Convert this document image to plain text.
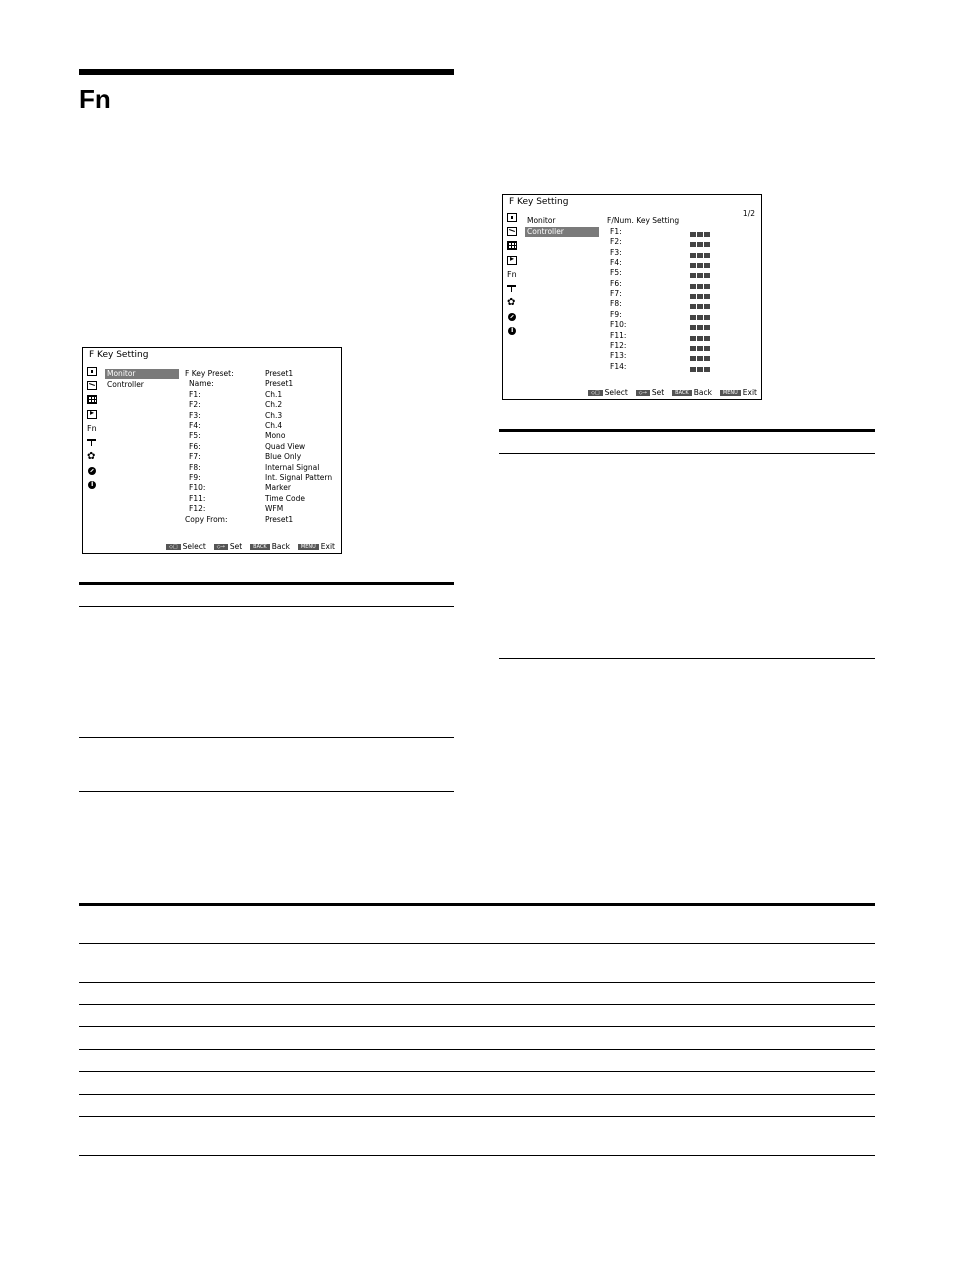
Fn
F Key Setting
▸
Fn
✿
i
Monitor
Controller
F Key Preset:	Preset1
Name:	Preset1
F1:	Ch.1
F2:	Ch.2
F3:	Ch.3
F4:	Ch.4
F5:	Mono
F6:	Quad View
F7:	Blue Only
F8:	Internal Signal
F9:	Int. Signal Pattern
F10:	Marker
F11:	Time Code
F12:	WFM
Copy From:	Preset1
◇□ Select ◇→ Set BACK Back MENU Exit
F Key Setting
1/2
▸
Fn
✿
i
Monitor
Controller
F/Num. Key Setting
F1:
F2:
F3:
F4:
F5:
F6:
F7:
F8:
F9:
F10:
F11:
F12:
F13:
F14:
◇□ Select ◇→ Set BACK Back MENU Exit
